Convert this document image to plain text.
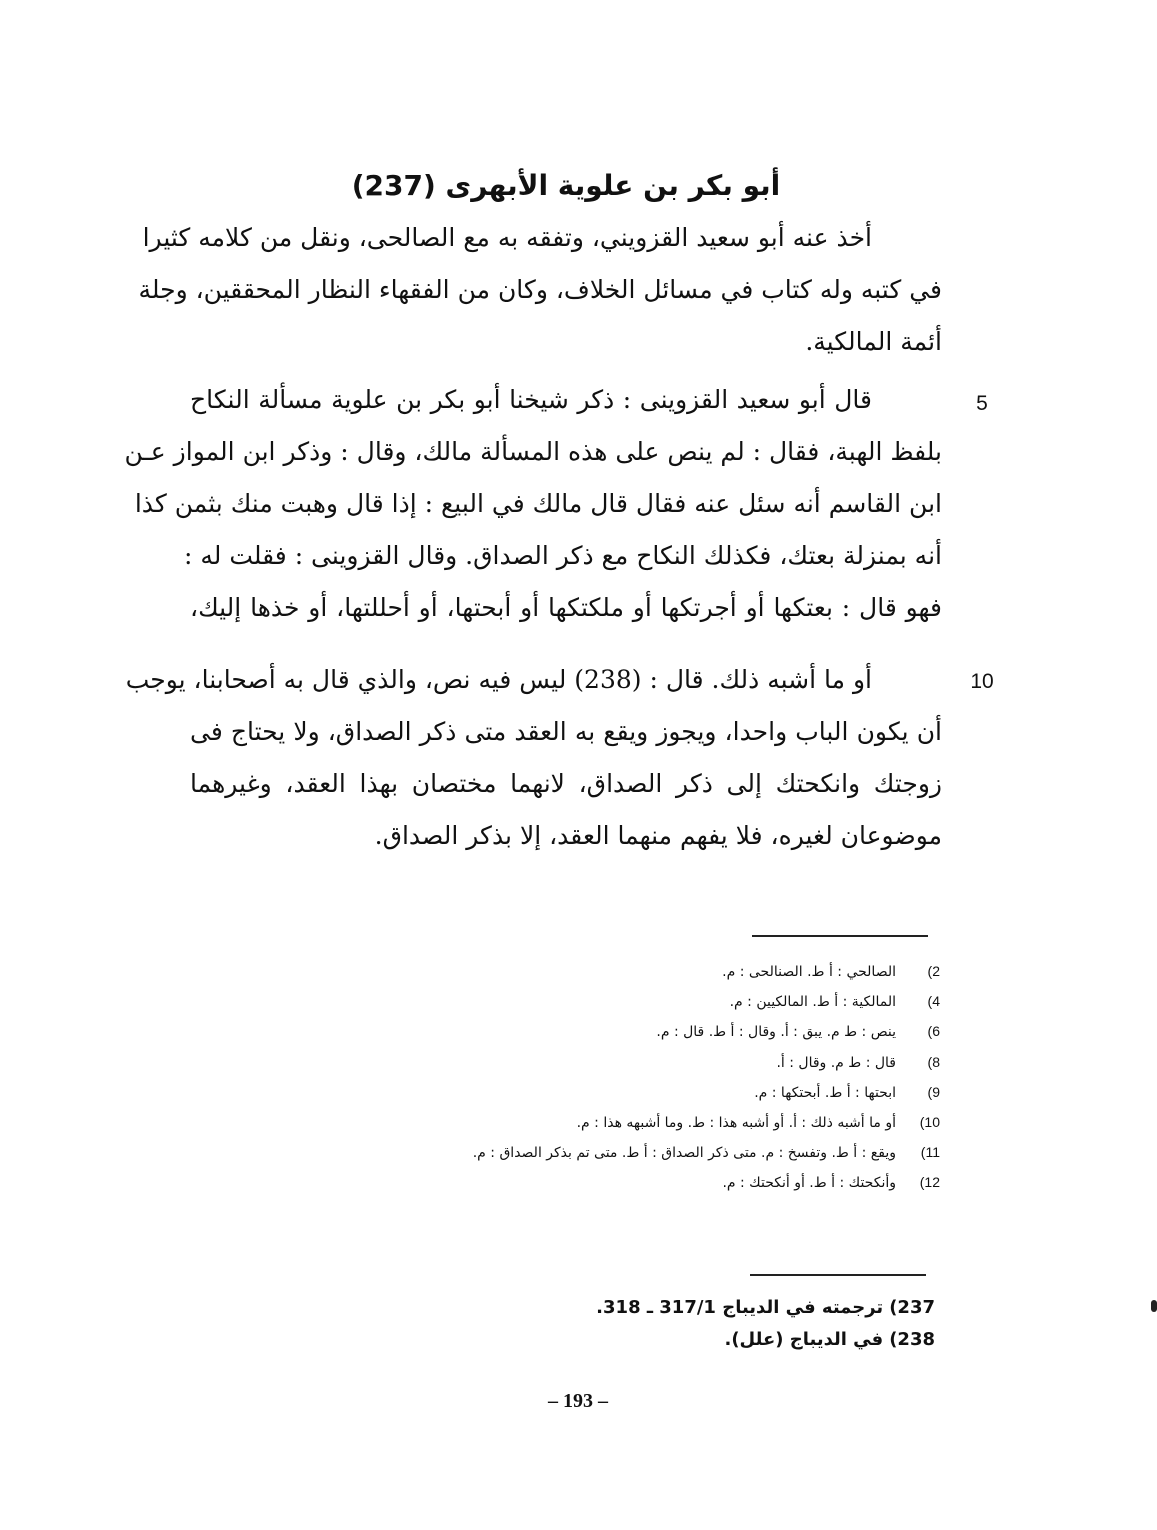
أبو بكر بن علوية الأبهرى (237)

أخذ عنه أبو سعيد القزويني، وتفقه به مع الصالحى، ونقل من كلامه كثيرا
في كتبه وله كتاب في مسائل الخلاف، وكان من الفقهاء النظار المحققين، وجلة
أئمة المالكية.

5

قال أبو سعيد القزوينى : ذكر شيخنا أبو بكر بن علوية مسألة النكاح
بلفظ الهبة، فقال : لم ينص على هذه المسألة مالك، وقال : وذكر ابن المواز عـن
ابن القاسم أنه سئل عنه فقال قال مالك في البيع : إذا قال وهبت منك بثمن كذا
أنه بمنزلة بعتك، فكذلك النكاح مع ذكر الصداق. وقال القزوينى : فقلت له :
فهو قال : بعتكها أو أجرتكها أو ملكتكها أو أبحتها، أو أحللتها، أو خذها إليك،

10

أو ما أشبه ذلك. قال : (238) ليس فيه نص، والذي قال به أصحابنا، يوجب
أن يكون الباب واحدا، ويجوز ويقع به العقد متى ذكر الصداق، ولا يحتاج فى
زوجتك وانكحتك إلى ذكر الصداق، لانهما مختصان بهذا العقد، وغيرهما
موضوعان لغيره، فلا يفهم منهما العقد، إلا بذكر الصداق.

2)الصالحي : أ ط. الصنالحى : م.
4)المالكية : أ ط. المالكيين : م.
6)ينص : ط م. يبق : أ. وقال : أ ط. قال : م.
8)قال : ط م. وقال : أ.
9)ابحتها : أ ط. أبحتكها : م.
10)أو ما أشبه ذلك : أ. أو أشبه هذا : ط. وما أشبهه هذا : م.
11)ويقع : أ ط. وتفسخ : م. متى ذكر الصداق : أ ط. متى تم بذكر الصداق : م.
12)وأنكحتك : أ ط. أو أنكحتك : م.
237)ترجمته في الديباج 317/1 ـ 318.
238)في الديباج (علل).
– 193 –
